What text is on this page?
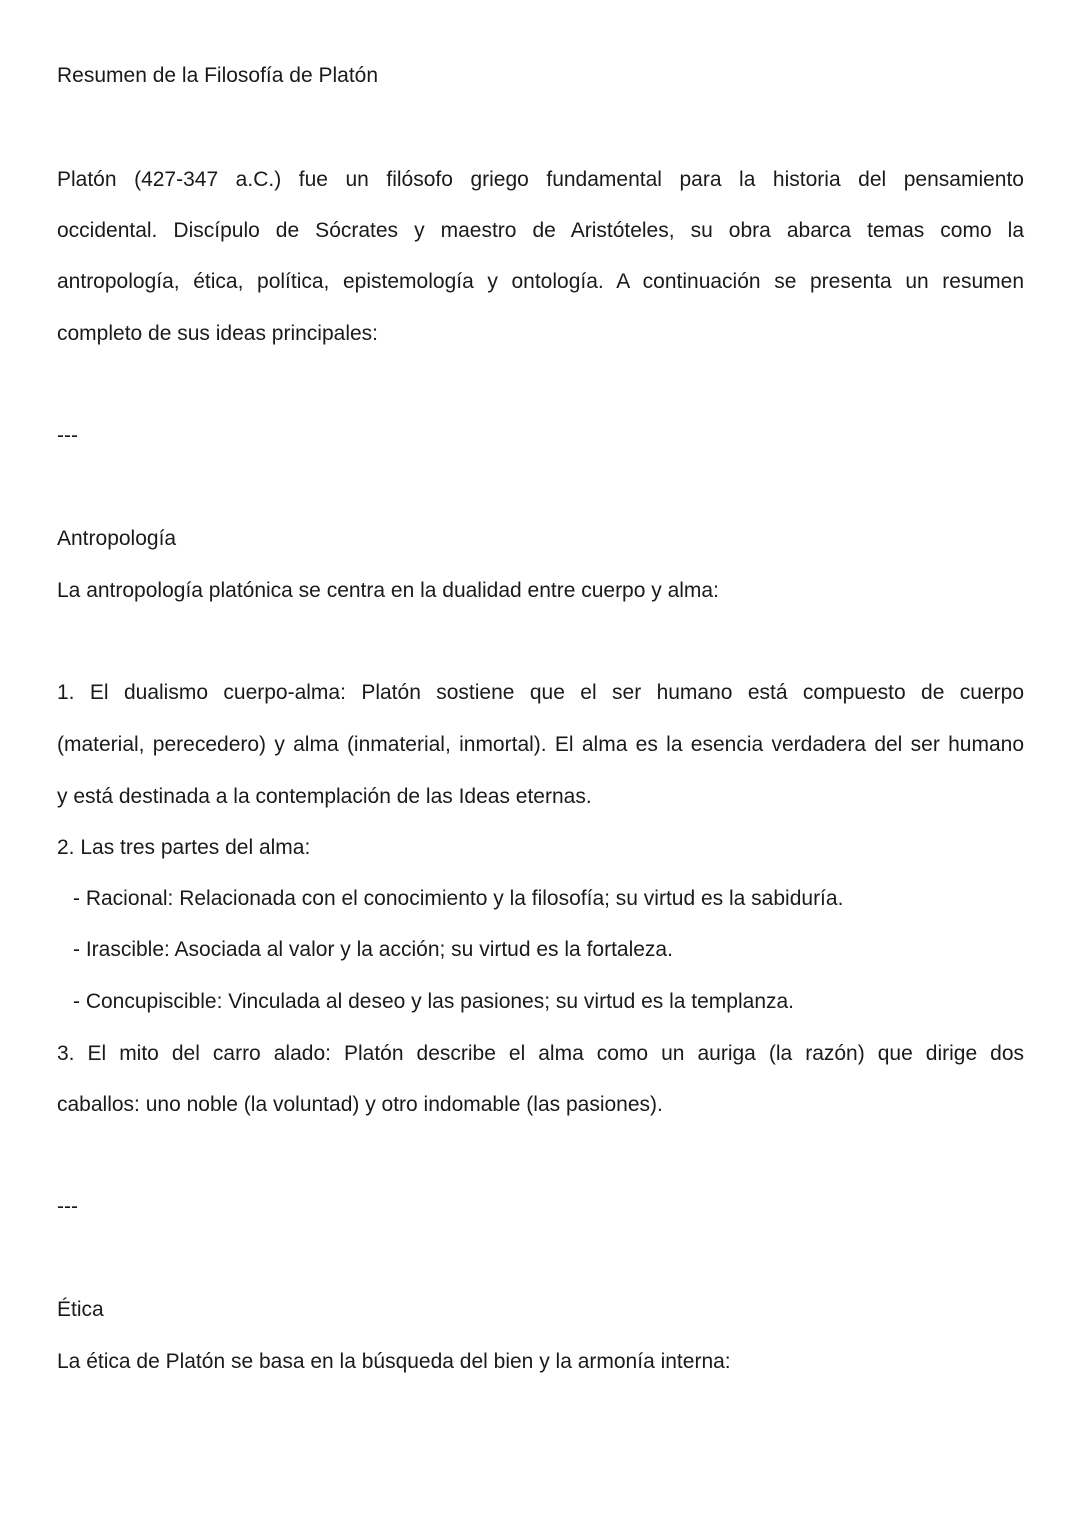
Resumen de la Filosofía de Platón
Platón (427-347 a.C.) fue un filósofo griego fundamental para la historia del pensamiento
occidental. Discípulo de Sócrates y maestro de Aristóteles, su obra abarca temas como la
antropología, ética, política, epistemología y ontología. A continuación se presenta un resumen
completo de sus ideas principales:
---
Antropología
La antropología platónica se centra en la dualidad entre cuerpo y alma:
1. El dualismo cuerpo-alma: Platón sostiene que el ser humano está compuesto de cuerpo
(material, perecedero) y alma (inmaterial, inmortal). El alma es la esencia verdadera del ser humano
y está destinada a la contemplación de las Ideas eternas.
2. Las tres partes del alma:
- Racional: Relacionada con el conocimiento y la filosofía; su virtud es la sabiduría.
- Irascible: Asociada al valor y la acción; su virtud es la fortaleza.
- Concupiscible: Vinculada al deseo y las pasiones; su virtud es la templanza.
3. El mito del carro alado: Platón describe el alma como un auriga (la razón) que dirige dos
caballos: uno noble (la voluntad) y otro indomable (las pasiones).
---
Ética
La ética de Platón se basa en la búsqueda del bien y la armonía interna:
